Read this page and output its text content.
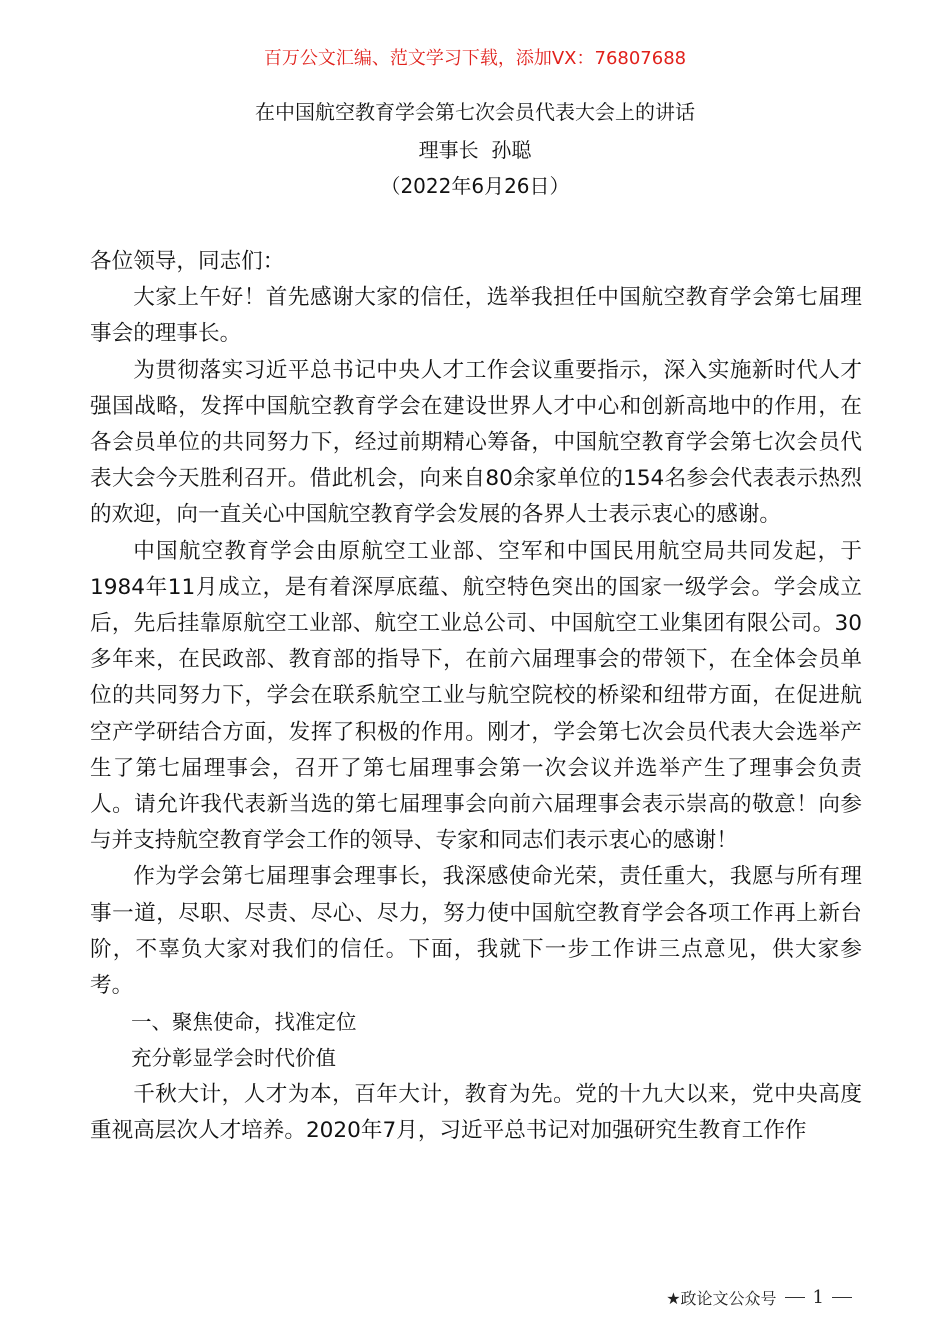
百万公文汇编、范文学习下载，添加VX：76807688
在中国航空教育学会第七次会员代表大会上的讲话
理事长  孙聪
（2022年6月26日）

各位领导，同志们：

大家上午好！首先感谢大家的信任，选举我担任中国航空教育学会第七届理事会的理事长。

为贯彻落实习近平总书记中央人才工作会议重要指示，深入实施新时代人才强国战略，发挥中国航空教育学会在建设世界人才中心和创新高地中的作用，在各会员单位的共同努力下，经过前期精心筹备，中国航空教育学会第七次会员代表大会今天胜利召开。借此机会，向来自80余家单位的154名参会代表表示热烈的欢迎，向一直关心中国航空教育学会发展的各界人士表示衷心的感谢。

中国航空教育学会由原航空工业部、空军和中国民用航空局共同发起，于1984年11月成立，是有着深厚底蕴、航空特色突出的国家一级学会。学会成立后，先后挂靠原航空工业部、航空工业总公司、中国航空工业集团有限公司。30多年来，在民政部、教育部的指导下，在前六届理事会的带领下，在全体会员单位的共同努力下，学会在联系航空工业与航空院校的桥梁和纽带方面，在促进航空产学研结合方面，发挥了积极的作用。刚才，学会第七次会员代表大会选举产生了第七届理事会，召开了第七届理事会第一次会议并选举产生了理事会负责人。请允许我代表新当选的第七届理事会向前六届理事会表示崇高的敬意！向参与并支持航空教育学会工作的领导、专家和同志们表示衷心的感谢！

作为学会第七届理事会理事长，我深感使命光荣，责任重大，我愿与所有理事一道，尽职、尽责、尽心、尽力，努力使中国航空教育学会各项工作再上新台阶，不辜负大家对我们的信任。下面，我就下一步工作讲三点意见，供大家参考。

一、聚焦使命，找准定位

充分彰显学会时代价值

千秋大计，人才为本，百年大计，教育为先。党的十九大以来，党中央高度重视高层次人才培养。2020年7月，习近平总书记对加强研究生教育工作作

★政论文公众号 1
